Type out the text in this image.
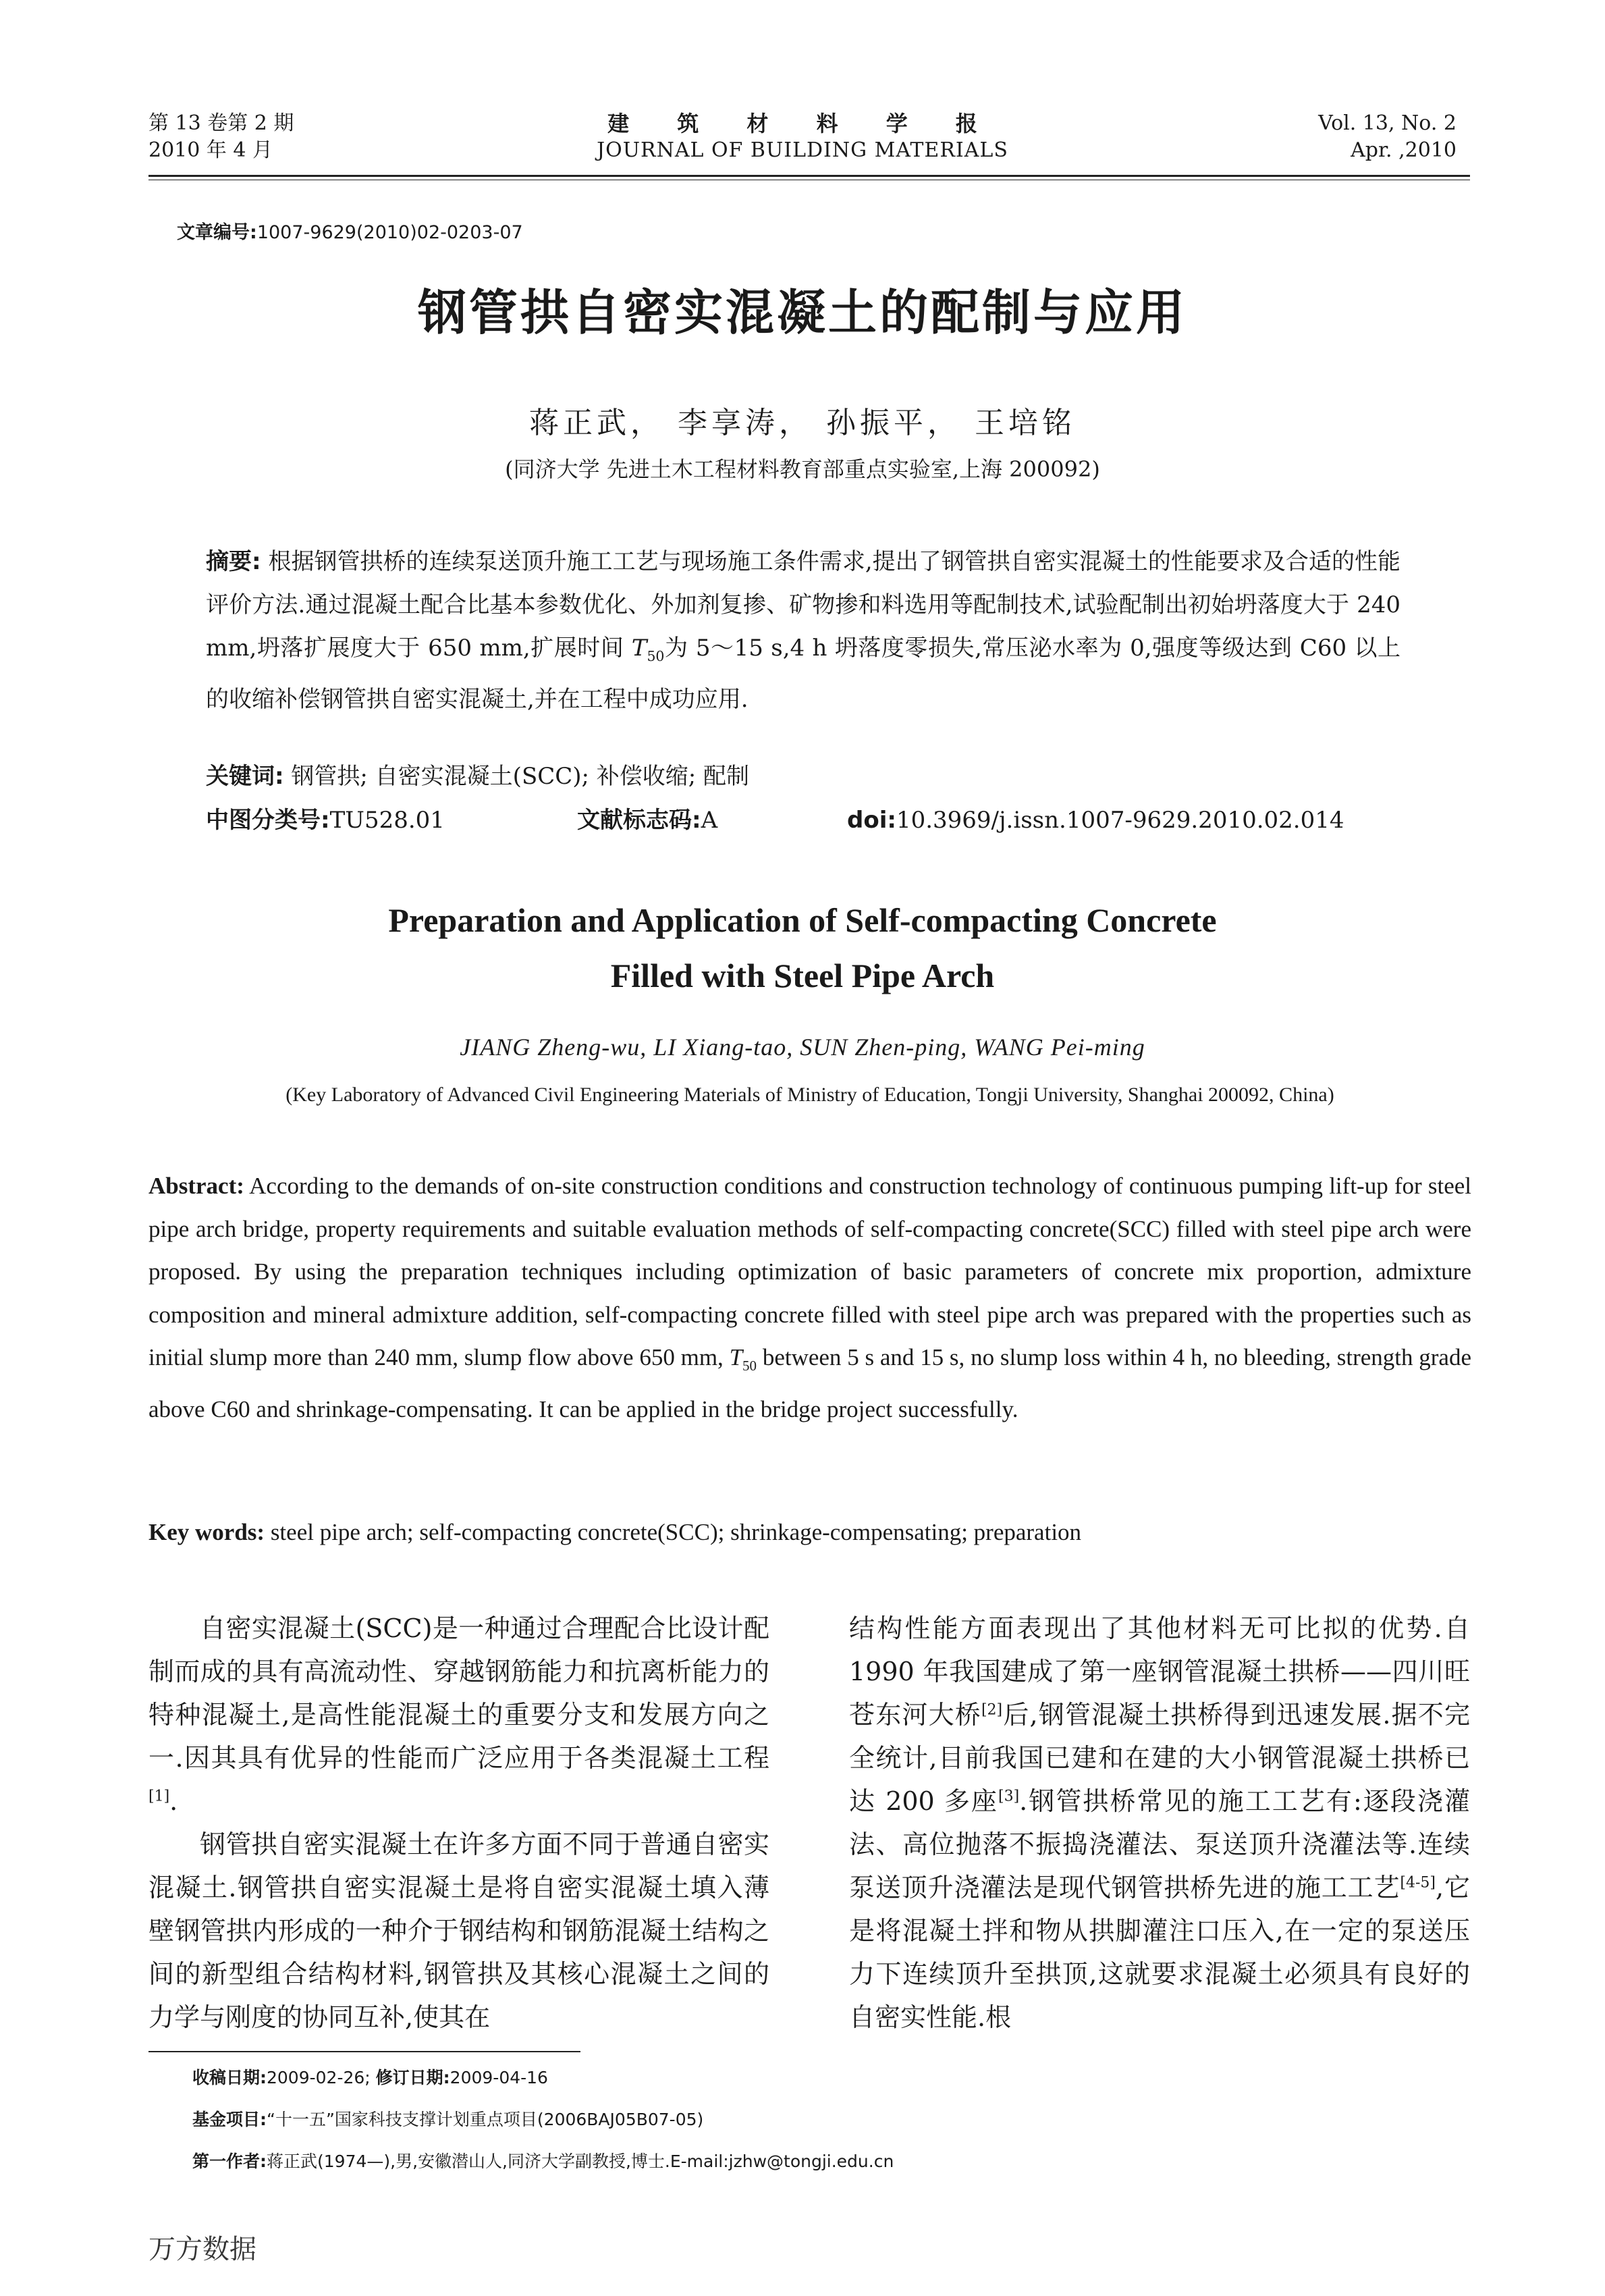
第 13 卷第 2 期
2010 年 4 月
建 筑 材 料 学 报
JOURNAL OF BUILDING MATERIALS
Vol. 13, No. 2
Apr. ,2010
文章编号:1007-9629(2010)02-0203-07
钢管拱自密实混凝土的配制与应用
蒋正武， 李享涛， 孙振平， 王培铭
(同济大学 先进土木工程材料教育部重点实验室,上海 200092)
摘要: 根据钢管拱桥的连续泵送顶升施工工艺与现场施工条件需求,提出了钢管拱自密实混凝土的性能要求及合适的性能评价方法.通过混凝土配合比基本参数优化、外加剂复掺、矿物掺和料选用等配制技术,试验配制出初始坍落度大于 240 mm,坍落扩展度大于 650 mm,扩展时间 $T_{50}$为 5～15 s,4 h 坍落度零损失,常压泌水率为 0,强度等级达到 C60 以上的收缩补偿钢管拱自密实混凝土,并在工程中成功应用.
关键词: 钢管拱; 自密实混凝土(SCC); 补偿收缩; 配制
中图分类号:TU528.01	文献标志码:A	doi:10.3969/j.issn.1007-9629.2010.02.014
Preparation and Application of Self-compacting Concrete
Filled with Steel Pipe Arch
JIANG Zheng-wu, LI Xiang-tao, SUN Zhen-ping, WANG Pei-ming
(Key Laboratory of Advanced Civil Engineering Materials of Ministry of Education, Tongji University, Shanghai 200092, China)
Abstract: According to the demands of on-site construction conditions and construction technology of continuous pumping lift-up for steel pipe arch bridge, property requirements and suitable evaluation methods of self-compacting concrete(SCC) filled with steel pipe arch were proposed. By using the preparation techniques including optimization of basic parameters of concrete mix proportion, admixture composition and mineral admixture addition, self-compacting concrete filled with steel pipe arch was prepared with the properties such as initial slump more than 240 mm, slump flow above 650 mm, $T_{50}$ between 5 s and 15 s, no slump loss within 4 h, no bleeding, strength grade above C60 and shrinkage-compensating. It can be applied in the bridge project successfully.
Key words: steel pipe arch; self-compacting concrete(SCC); shrinkage-compensating; preparation

自密实混凝土(SCC)是一种通过合理配合比设计配制而成的具有高流动性、穿越钢筋能力和抗离析能力的特种混凝土,是高性能混凝土的重要分支和发展方向之一.因其具有优异的性能而广泛应用于各类混凝土工程[1].

钢管拱自密实混凝土在许多方面不同于普通自密实混凝土.钢管拱自密实混凝土是将自密实混凝土填入薄壁钢管拱内形成的一种介于钢结构和钢筋混凝土结构之间的新型组合结构材料,钢管拱及其核心混凝土之间的力学与刚度的协同互补,使其在

结构性能方面表现出了其他材料无可比拟的优势.自 1990 年我国建成了第一座钢管混凝土拱桥——四川旺苍东河大桥[2]后,钢管混凝土拱桥得到迅速发展.据不完全统计,目前我国已建和在建的大小钢管混凝土拱桥已达 200 多座[3].钢管拱桥常见的施工工艺有:逐段浇灌法、高位抛落不振捣浇灌法、泵送顶升浇灌法等.连续泵送顶升浇灌法是现代钢管拱桥先进的施工工艺[4-5],它是将混凝土拌和物从拱脚灌注口压入,在一定的泵送压力下连续顶升至拱顶,这就要求混凝土必须具有良好的自密实性能.根

收稿日期:2009-02-26; 修订日期:2009-04-16
基金项目:“十一五”国家科技支撑计划重点项目(2006BAJ05B07-05)
第一作者:蒋正武(1974—),男,安徽潜山人,同济大学副教授,博士.E-mail:jzhw@tongji.edu.cn
万方数据
